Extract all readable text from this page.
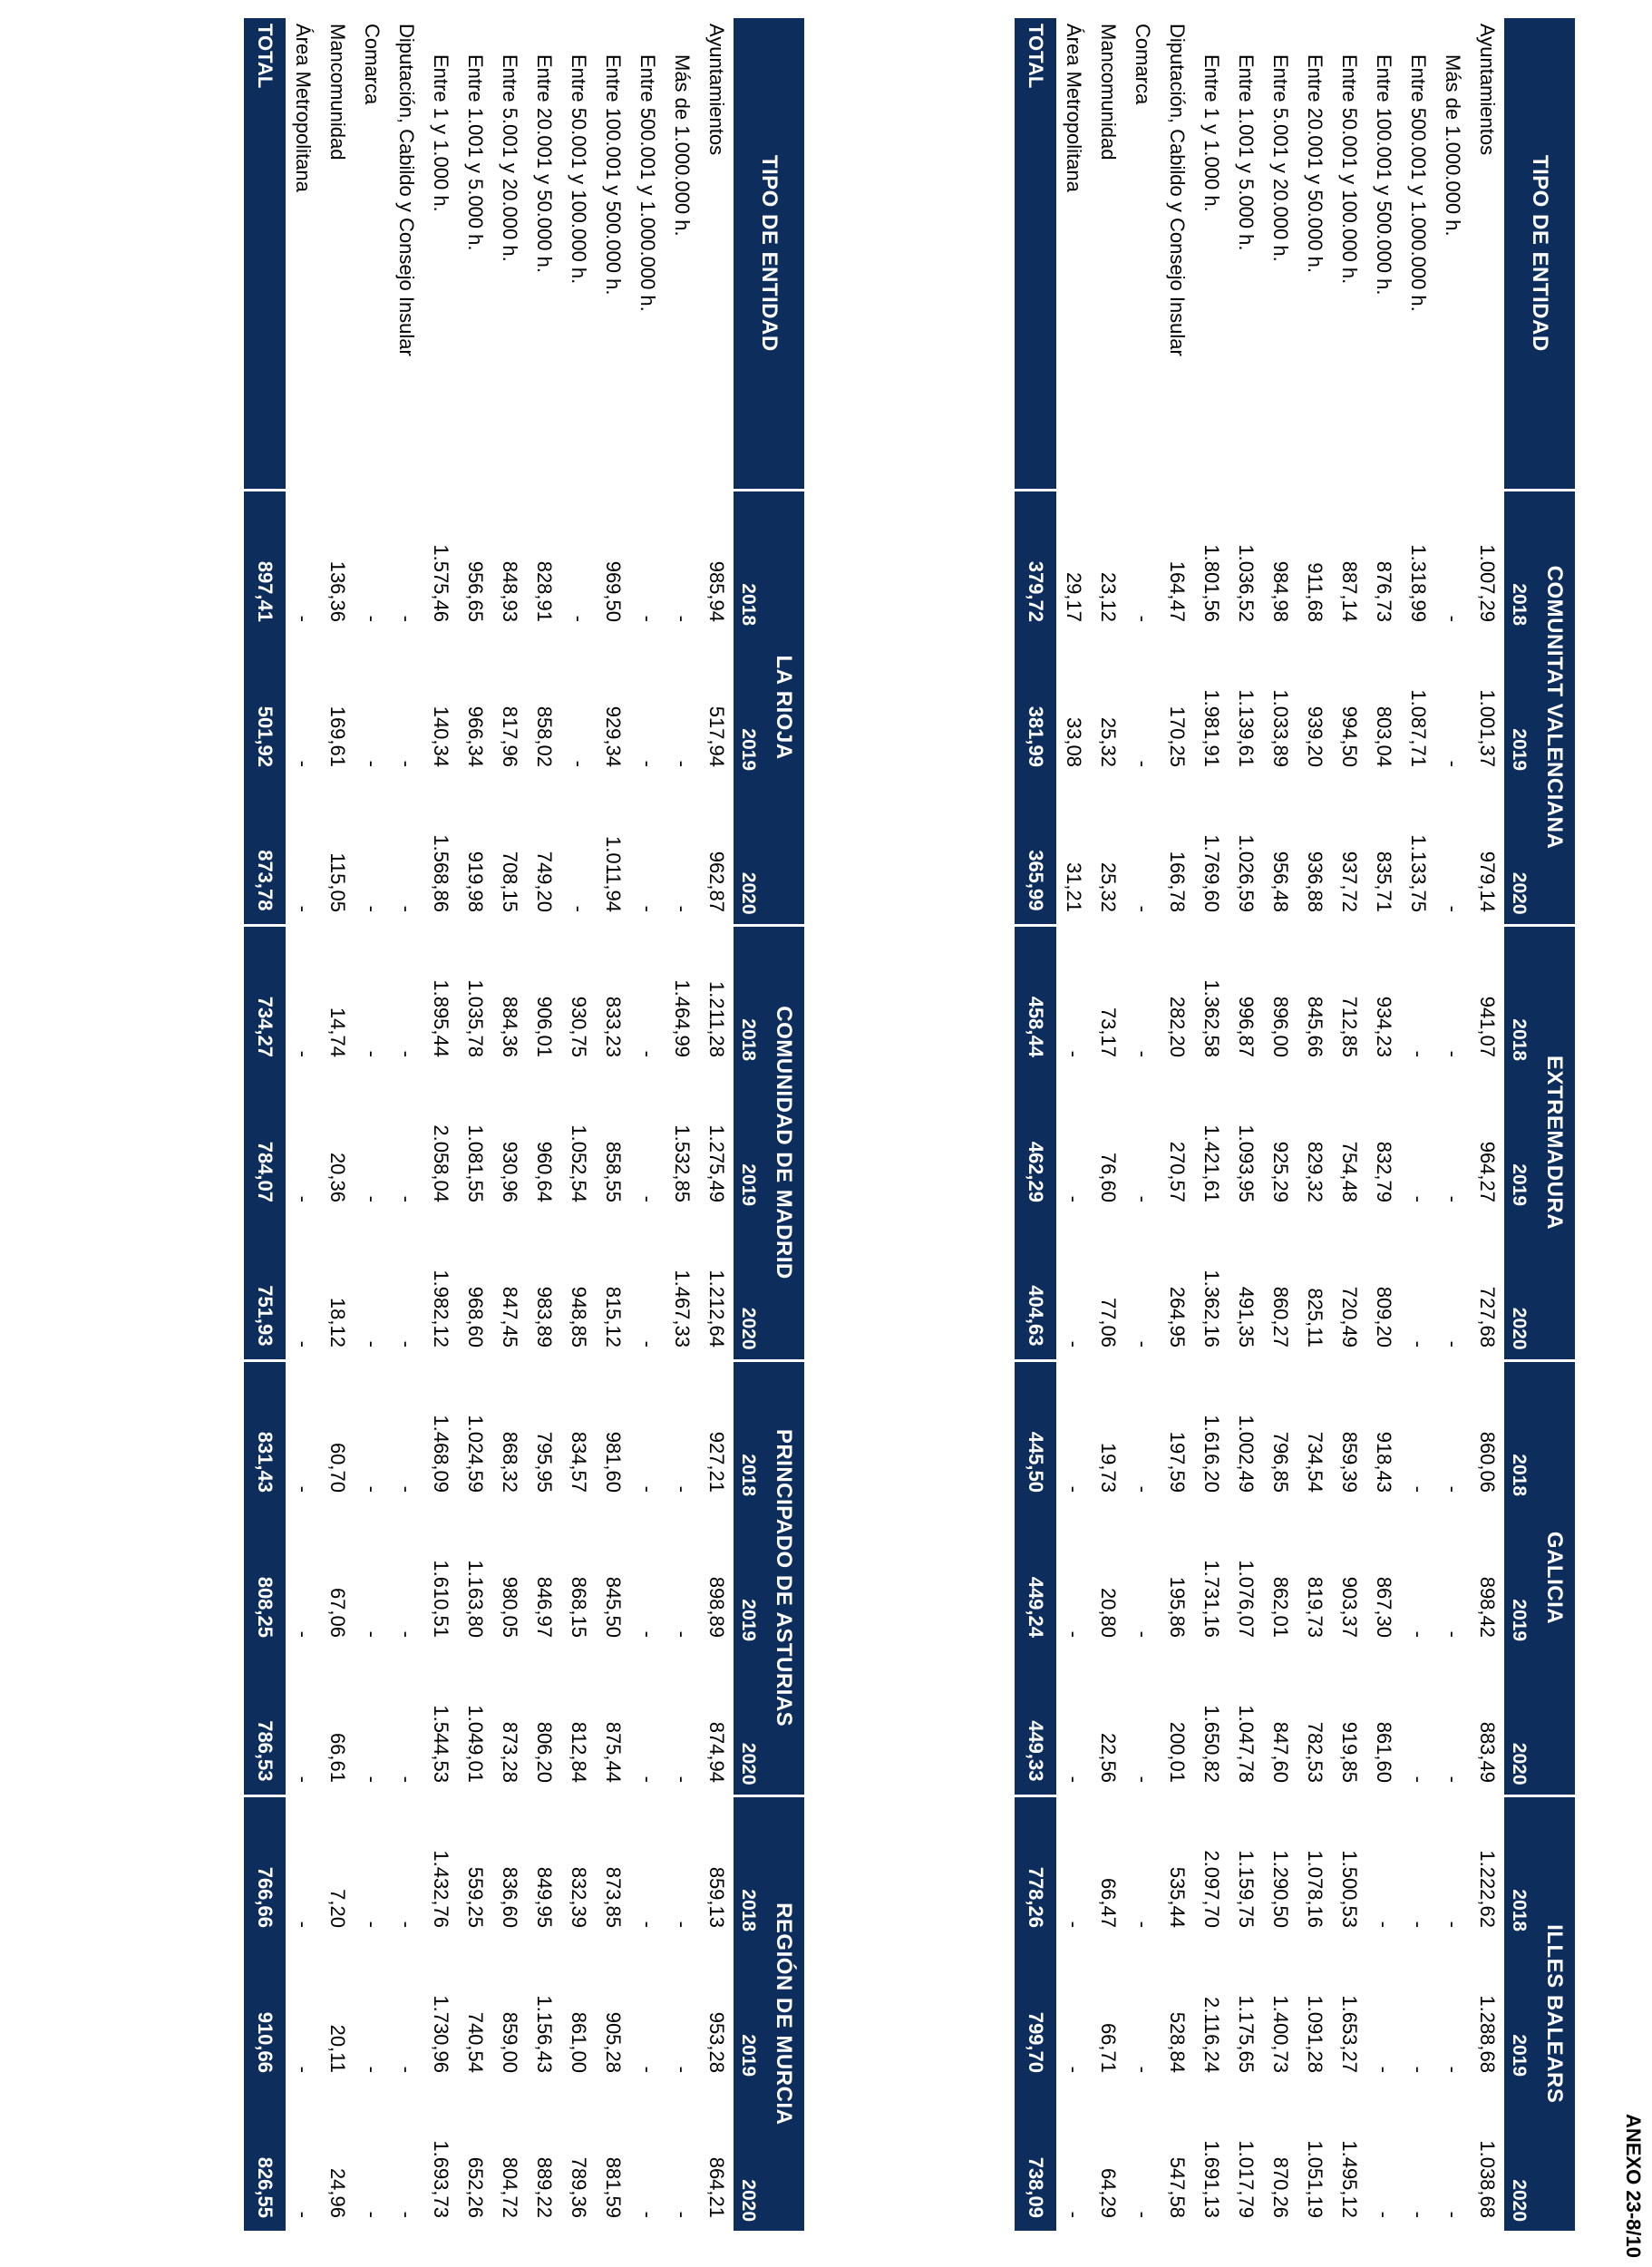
ANEXO 23-8/10
TIPO DE ENTIDAD	COMUNITAT VALENCIANA			EXTREMADURA			GALICIA			ILLES BALEARS		
	2018	2019	2020	2018	2019	2020	2018	2019	2020	2018	2019	2020
Ayuntamientos	1.007,29	1.001,37	979,14	941,07	964,27	727,68	860,06	898,42	883,49	1.222,62	1.288,68	1.038,68
Más de 1.000.000 h.	-	-	-	-	-	-	-	-	-	-	-	-
Entre 500.001 y 1.000.000 h.	1.318,99	1.087,71	1.133,75	-	-	-	-	-	-	-	-	-
Entre 100.001 y 500.000 h.	876,73	803,04	835,71	934,23	832,79	809,20	918,43	867,30	861,60	-	-	-
Entre 50.001 y 100.000 h.	887,14	994,50	937,72	712,85	754,48	720,49	859,39	903,37	919,85	1.500,53	1.653,27	1.495,12
Entre 20.001 y 50.000 h.	911,68	939,20	936,88	845,66	829,32	825,11	734,54	819,73	782,53	1.078,16	1.091,28	1.051,19
Entre 5.001 y 20.000 h.	984,98	1.033,89	956,48	896,00	925,29	860,27	796,85	862,01	847,60	1.290,50	1.400,73	870,26
Entre 1.001 y 5.000 h.	1.036,52	1.139,61	1.026,59	996,87	1.093,95	491,35	1.002,49	1.076,07	1.047,78	1.159,75	1.175,65	1.017,79
Entre 1 y 1.000 h.	1.801,56	1.981,91	1.769,60	1.362,58	1.421,61	1.362,16	1.616,20	1.731,16	1.650,82	2.097,70	2.116,24	1.691,13
Diputación, Cabildo y Consejo Insular	164,47	170,25	166,78	282,20	270,57	264,95	197,59	195,86	200,01	535,44	528,84	547,58
Comarca	-	-	-	-	-	-	-	-	-	-	-	-
Mancomunidad	23,12	25,32	25,32	73,17	76,60	77,06	19,73	20,80	22,56	66,47	66,71	64,29
Área Metropolitana	29,17	33,08	31,21	-	-	-	-	-	-	-	-	-
TOTAL	379,72	381,99	365,99	458,44	462,29	404,63	445,50	449,24	449,33	778,26	799,70	738,09
TIPO DE ENTIDAD	LA RIOJA			COMUNIDAD DE MADRID			PRINCIPADO DE ASTURIAS			REGIÓN DE MURCIA		
	2018	2019	2020	2018	2019	2020	2018	2019	2020	2018	2019	2020
Ayuntamientos	985,94	517,94	962,87	1.211,28	1.275,49	1.212,64	927,21	898,89	874,94	859,13	953,28	864,21
Más de 1.000.000 h.	-	-	-	1.464,99	1.532,85	1.467,33	-	-	-	-	-	-
Entre 500.001 y 1.000.000 h.	-	-	-	-	-	-	-	-	-	-	-	-
Entre 100.001 y 500.000 h.	969,50	929,34	1.011,94	833,23	858,55	815,12	981,60	845,50	875,44	873,85	905,28	881,59
Entre 50.001 y 100.000 h.	-	-	-	930,75	1.052,54	948,85	834,57	868,15	812,84	832,39	861,00	789,36
Entre 20.001 y 50.000 h.	828,91	858,02	749,20	906,01	960,64	983,89	795,95	846,97	806,20	849,95	1.156,43	889,22
Entre 5.001 y 20.000 h.	848,93	817,96	708,15	884,36	930,96	847,45	868,32	980,05	873,28	836,60	859,00	804,72
Entre 1.001 y 5.000 h.	956,65	966,34	919,98	1.035,78	1.081,55	968,60	1.024,59	1.163,80	1.049,01	559,25	740,54	652,26
Entre 1 y 1.000 h.	1.575,46	140,34	1.568,86	1.895,44	2.058,04	1.982,12	1.468,09	1.610,51	1.544,53	1.432,76	1.730,96	1.693,73
Diputación, Cabildo y Consejo Insular	-	-	-	-	-	-	-	-	-	-	-	-
Comarca	-	-	-	-	-	-	-	-	-	-	-	-
Mancomunidad	136,36	169,61	115,05	14,74	20,36	18,12	60,70	67,06	66,61	7,20	20,11	24,96
Área Metropolitana	-	-	-	-	-	-	-	-	-	-	-	-
TOTAL	897,41	501,92	873,78	734,27	784,07	751,93	831,43	808,25	786,53	766,66	910,66	826,55
